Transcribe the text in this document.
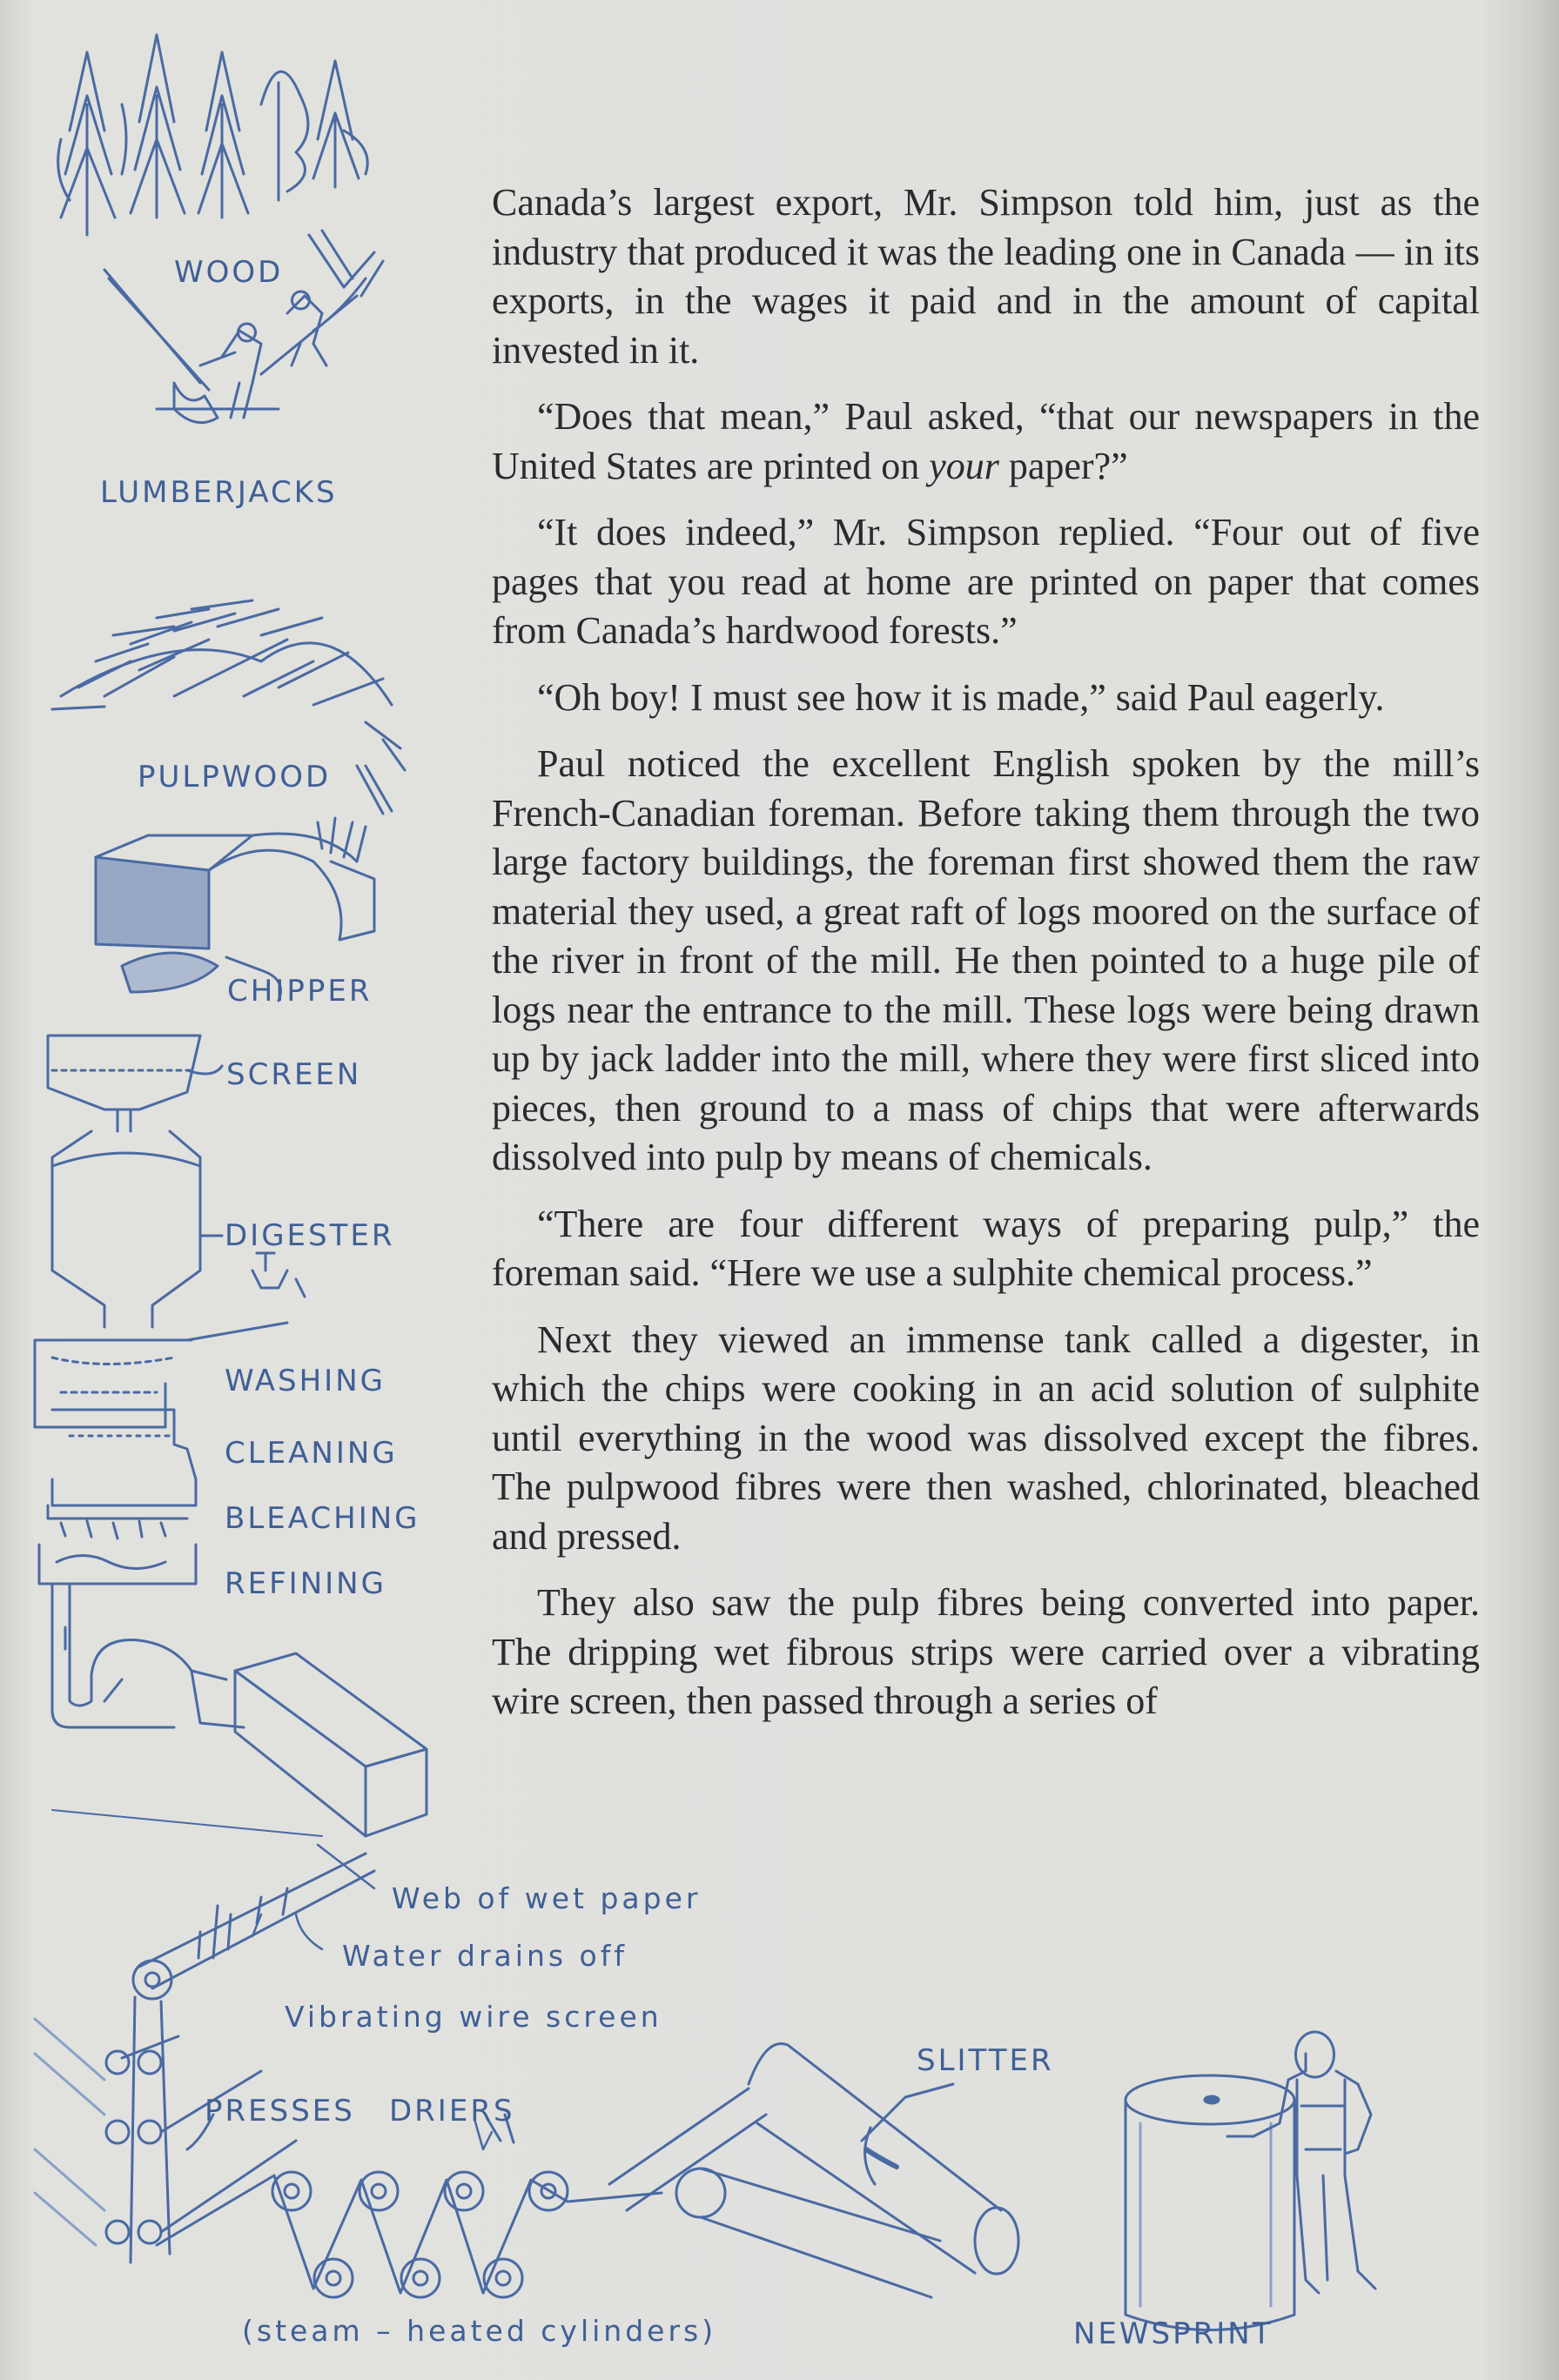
WOOD
LUMBERJACKS
PULPWOOD
CHIPPER
SCREEN
DIGESTER
WASHING
CLEANING
BLEACHING
REFINING
Web of wet paper
Water drains off
Vibrating wire screen
SLITTER
PRESSES DRIERS
(steam – heated cylinders)	NEWSPRINT

Canada’s largest export, Mr. Simpson told him, just as the industry that produced it was the leading one in Canada — in its exports, in the wages it paid and in the amount of capital invested in it.

“Does that mean,” Paul asked, “that our newspapers in the United States are printed on your paper?”

“It does indeed,” Mr. Simpson replied. “Four out of five pages that you read at home are printed on paper that comes from Canada’s hardwood forests.”

“Oh boy! I must see how it is made,” said Paul eagerly.

Paul noticed the excellent English spoken by the mill’s French-Canadian foreman. Before taking them through the two large factory buildings, the foreman first showed them the raw material they used, a great raft of logs moored on the surface of the river in front of the mill. He then pointed to a huge pile of logs near the entrance to the mill. These logs were being drawn up by jack ladder into the mill, where they were first sliced into pieces, then ground to a mass of chips that were afterwards dissolved into pulp by means of chemicals.

“There are four different ways of preparing pulp,” the foreman said. “Here we use a sulphite chemical process.”

Next they viewed an immense tank called a digester, in which the chips were cooking in an acid solution of sulphite until everything in the wood was dissolved except the fibres. The pulpwood fibres were then washed, chlorinated, bleached and pressed.

They also saw the pulp fibres being converted into paper. The dripping wet fibrous strips were carried over a vibrating wire screen, then passed through a series of
